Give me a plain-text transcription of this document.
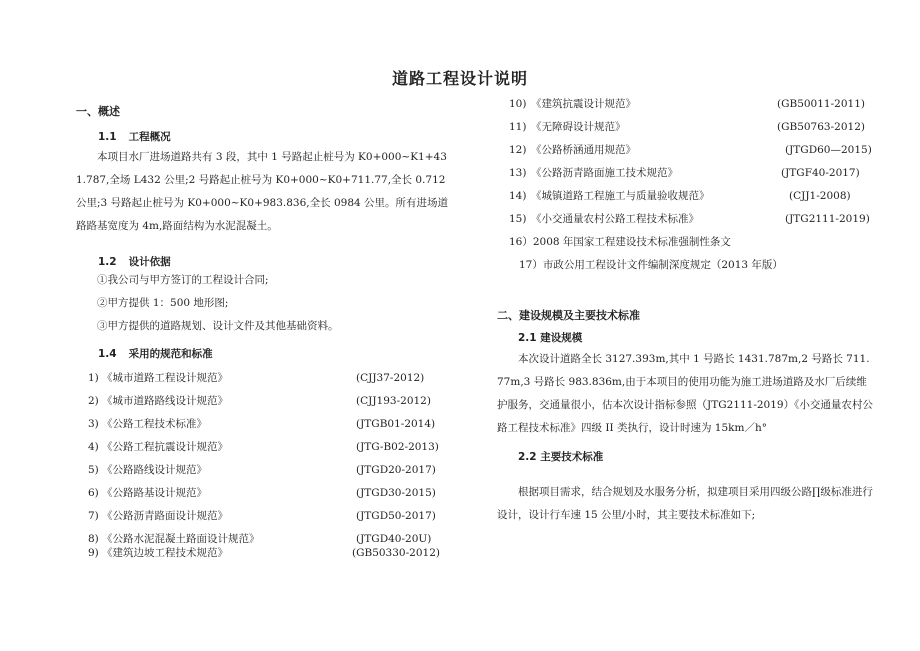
道路工程设计说明
一、概述
1.1 工程概况
本项目水厂进场道路共有 3 段，其中 1 号路起止桩号为 K0+000~K1+431.787,全场 L432 公里;2 号路起止桩号为 K0+000~K0+711.77,全长 0.712 公里;3 号路起止桩号为 K0+000~K0+983.836,全长 0984 公里。所有进场道路路基宽度为 4m,路面结构为水泥混凝土。
1.2 设计依据
①我公司与甲方签订的工程设计合同;
②甲方提供 1：500 地形图;
③甲方提供的道路规划、设计文件及其他基础资料。
1.4 采用的规范和标准
1) 《城市道路工程设计规范》	(CJJ37-2012)
2) 《城市道路路线设计规范》	(CJJ193-2012)
3) 《公路工程技术标准》	(JTGB01-2014)
4) 《公路工程抗震设计规范》	(JTG-B02-2013)
5) 《公路路线设计规范》	(JTGD20-2017)
6) 《公路路基设计规范》	(JTGD30-2015)
7) 《公路沥青路面设计规范》	(JTGD50-2017)
8) 《公路水泥混凝土路面设计规范》	(JTGD40-20U)
9) 《建筑边坡工程技术规范》	(GB50330-2012)
10) 《建筑抗震设计规范》	(GB50011-2011)
11) 《无障碍设计规范》	(GB50763-2012)
12) 《公路桥涵通用规范》	(JTGD60—2015)
13) 《公路沥青路面施工技术规范》	(JTGF40-2017)
14) 《城镇道路工程施工与质量验收规范》	(CJJ1-2008)
15) 《小交通量农村公路工程技术标准》	(JTG2111-2019)
16）2008 年国家工程建设技术标准强制性条文
17）市政公用工程设计文件编制深度规定（2013 年版）
二、建设规模及主要技术标准
2.1 建设规模
本次设计道路全长 3127.393m,其中 1 号路长 1431.787m,2 号路长 711.77m,3 号路长 983.836m,由于本项目的使用功能为施工进场道路及水厂后续维护服务，交通量很小，估本次设计指标参照（JTG2111-2019）《小交通量农村公路工程技术标准》四级 II 类执行，设计时速为 15km／h°
2.2 主要技术标准
根据项目需求，结合规划及水服务分析，拟建项目采用四级公路∏级标准进行设计，设计行车速 15 公里/小时，其主要技术标准如下;
